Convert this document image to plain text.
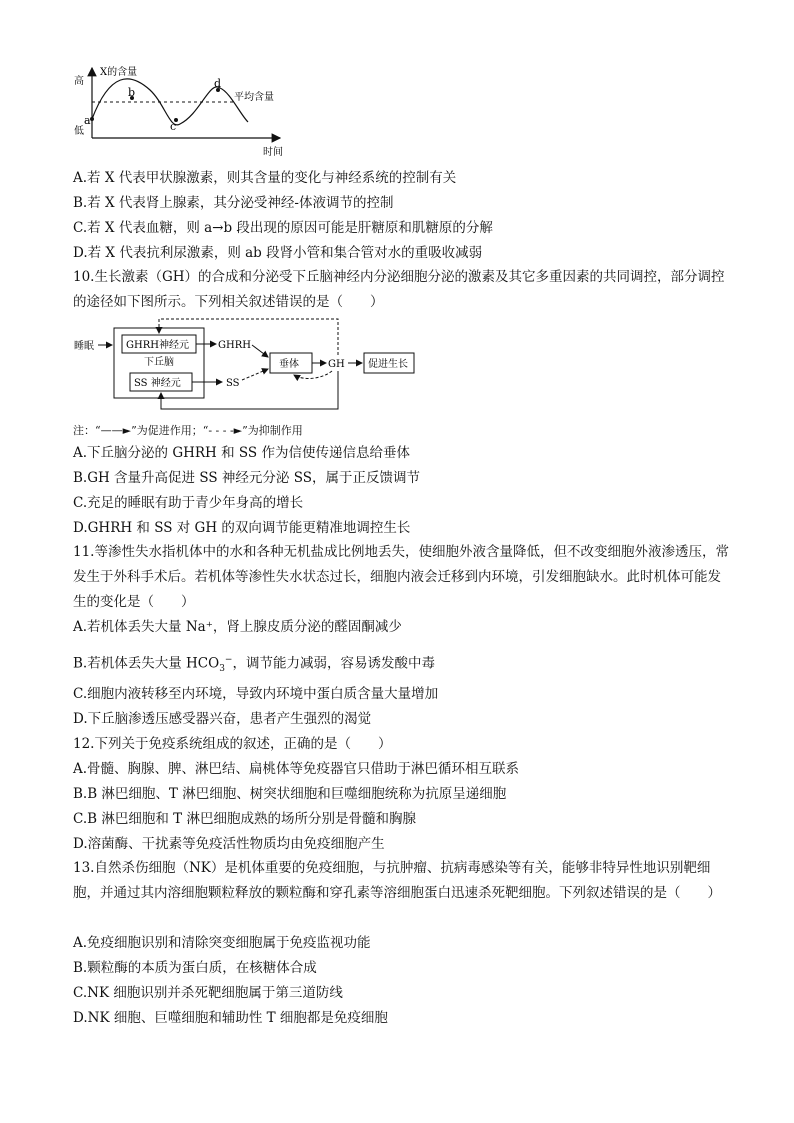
X的含量
高
低
时间
平均含量
a
b
c
d
A.若 X 代表甲状腺激素，则其含量的变化与神经系统的控制有关
B.若 X 代表肾上腺素，其分泌受神经-体液调节的控制
C.若 X 代表血糖，则 a→b 段出现的原因可能是肝糖原和肌糖原的分解
D.若 X 代表抗利尿激素，则 ab 段肾小管和集合管对水的重吸收减弱
10.生长激素（GH）的合成和分泌受下丘脑神经内分泌细胞分泌的激素及其它多重因素的共同调控，部分调控的途径如下图所示。下列相关叙述错误的是（　　）
GHRH神经元
下丘脑
SS 神经元
睡眠	GHRH
SS
垂体	GH 促进生长
注：“——►”为促进作用；“- - - -►”为抑制作用
A.下丘脑分泌的 GHRH 和 SS 作为信使传递信息给垂体
B.GH 含量升高促进 SS 神经元分泌 SS，属于正反馈调节
C.充足的睡眠有助于青少年身高的增长
D.GHRH 和 SS 对 GH 的双向调节能更精准地调控生长
11.等渗性失水指机体中的水和各种无机盐成比例地丢失，使细胞外液含量降低，但不改变细胞外液渗透压，常发生于外科手术后。若机体等渗性失水状态过长，细胞内液会迁移到内环境，引发细胞缺水。此时机体可能发生的变化是（　　）
A.若机体丢失大量 Na⁺，肾上腺皮质分泌的醛固酮减少
B.若机体丢失大量 $HCO_3^-$，调节能力减弱，容易诱发酸中毒
C.细胞内液转移至内环境，导致内环境中蛋白质含量大量增加
D.下丘脑渗透压感受器兴奋，患者产生强烈的渴觉
12.下列关于免疫系统组成的叙述，正确的是（　　）
A.骨髓、胸腺、脾、淋巴结、扁桃体等免疫器官只借助于淋巴循环相互联系
B.B 淋巴细胞、T 淋巴细胞、树突状细胞和巨噬细胞统称为抗原呈递细胞
C.B 淋巴细胞和 T 淋巴细胞成熟的场所分别是骨髓和胸腺
D.溶菌酶、干扰素等免疫活性物质均由免疫细胞产生
13.自然杀伤细胞（NK）是机体重要的免疫细胞，与抗肿瘤、抗病毒感染等有关，能够非特异性地识别靶细胞，并通过其内溶细胞颗粒释放的颗粒酶和穿孔素等溶细胞蛋白迅速杀死靶细胞。下列叙述错误的是（　　）
A.免疫细胞识别和清除突变细胞属于免疫监视功能
B.颗粒酶的本质为蛋白质，在核糖体合成
C.NK 细胞识别并杀死靶细胞属于第三道防线
D.NK 细胞、巨噬细胞和辅助性 T 细胞都是免疫细胞
